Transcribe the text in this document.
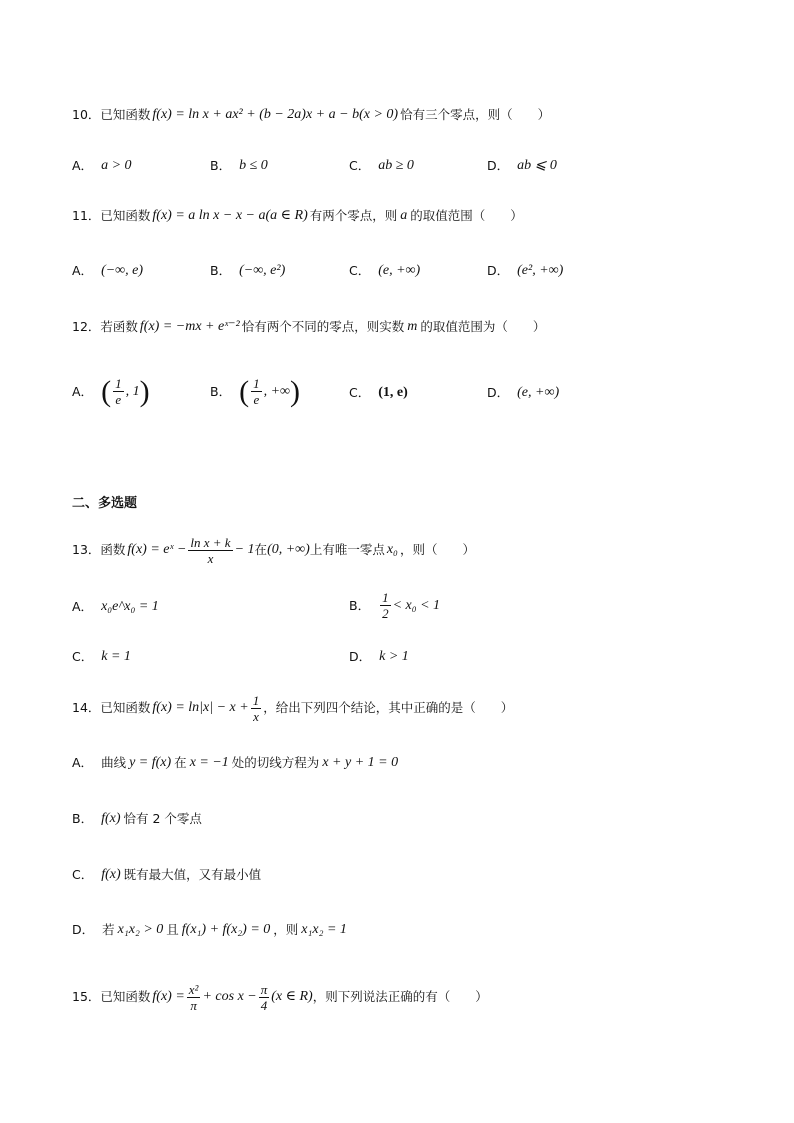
10．已知函数 f(x) = ln x + ax² + (b − 2a)x + a − b(x > 0) 恰有三个零点，则（　　）
A． a > 0	B． b ≤ 0	C． ab ≥ 0	D． ab ⩽ 0
11．已知函数 f(x) = a ln x − x − a(a ∈ R) 有两个零点，则 a 的取值范围（　　）
A． (−∞, e)	B． (−∞, e²)	C． (e, +∞)	D． (e², +∞)
12．若函数 f(x) = −mx + eˣ⁻² 恰有两个不同的零点，则实数 m 的取值范围为（　　）
A． ( $\frac{1}{e}$ , 1 )	B． ( $\frac{1}{e}$ , +∞ )	C． (1, e)	D． (e, +∞)
二、多选题
13．函数 f(x) = eˣ − $\frac{\text{ln x + k}}{x} - 1$ 在 (0, +∞) 上有唯一零点 x₀ ，则（　　）
A． x₀e^x₀ = 1	B． $\frac{1}{2} < x_0 < 1$
C． k = 1	D． k > 1
14．已知函数 $f(x) = \ln|x| - x + \frac{1}{x}$ ，给出下列四个结论，其中正确的是（　　）
A． 曲线 y = f(x) 在 x = −1 处的切线方程为 x + y + 1 = 0
B． f(x) 恰有 2 个零点
C． f(x) 既有最大值，又有最小值
D． 若 x₁x₂ > 0 且 f(x₁) + f(x₂) = 0 ，则 x₁x₂ = 1
15．已知函数 $f(x) = \frac{\text{x²}}{\pi} + \cos x - \frac{\pi}{4} (x$ ∈ R) ，则下列说法正确的有（　　）
